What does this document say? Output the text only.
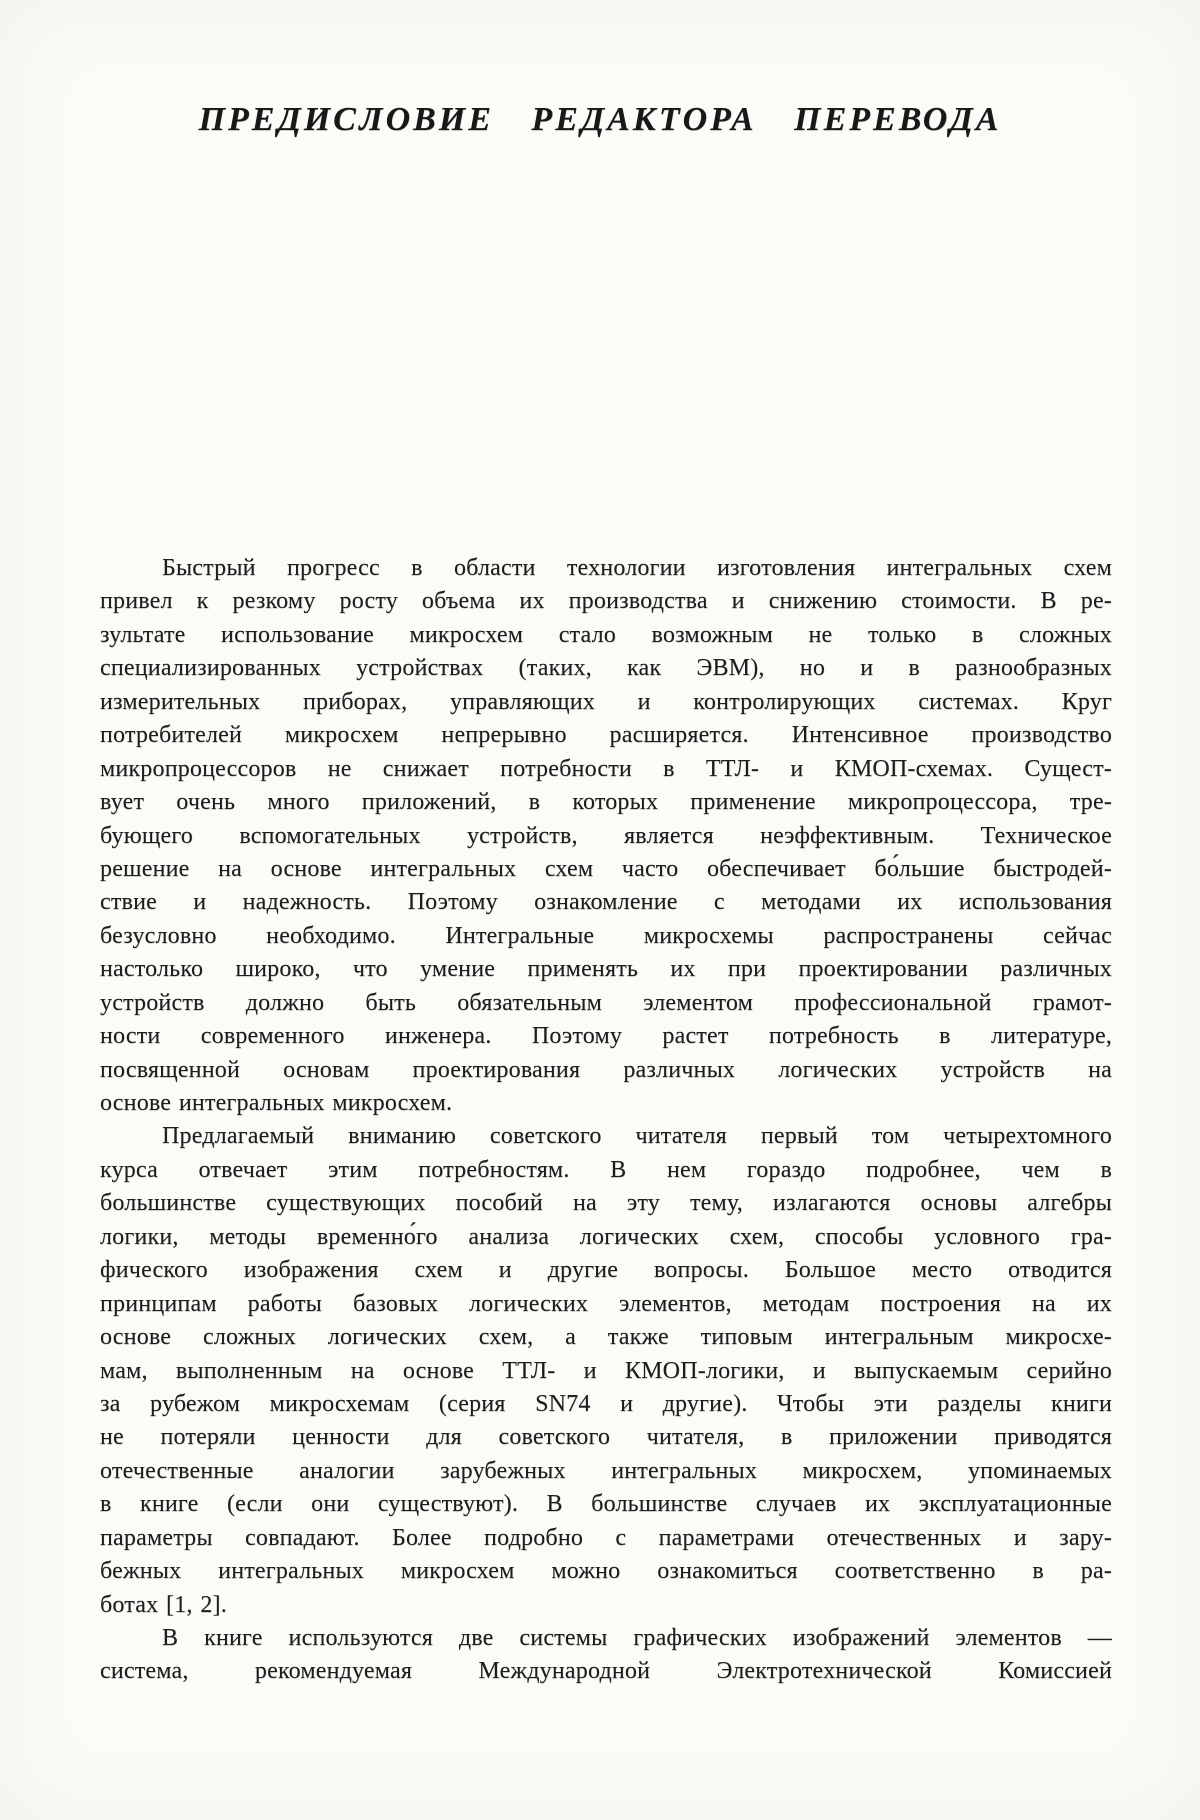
ПРЕДИСЛОВИЕ РЕДАКТОРА ПЕРЕВОДА
Быстрый прогресс в области технологии изготовления интегральных схем
привел к резкому росту объема их производства и снижению стоимости. В ре-
зультате использование микросхем стало возможным не только в сложных
специализированных устройствах (таких, как ЭВМ), но и в разнообразных
измерительных приборах, управляющих и контролирующих системах. Круг
потребителей микросхем непрерывно расширяется. Интенсивное производство
микропроцессоров не снижает потребности в ТТЛ- и КМОП-схемах. Сущест-
вует очень много приложений, в которых применение микропроцессора, тре-
бующего вспомогательных устройств, является неэффективным. Техническое
решение на основе интегральных схем часто обеспечивает бо́льшие быстродей-
ствие и надежность. Поэтому ознакомление с методами их использования
безусловно необходимо. Интегральные микросхемы распространены сейчас
настолько широко, что умение применять их при проектировании различных
устройств должно быть обязательным элементом профессиональной грамот-
ности современного инженера. Поэтому растет потребность в литературе,
посвященной основам проектирования различных логических устройств на
основе интегральных микросхем.
Предлагаемый вниманию советского читателя первый том четырехтомного
курса отвечает этим потребностям. В нем гораздо подробнее, чем в
большинстве существующих пособий на эту тему, излагаются основы алгебры
логики, методы временно́го анализа логических схем, способы условного гра-
фического изображения схем и другие вопросы. Большое место отводится
принципам работы базовых логических элементов, методам построения на их
основе сложных логических схем, а также типовым интегральным микросхе-
мам, выполненным на основе ТТЛ- и КМОП-логики, и выпускаемым серийно
за рубежом микросхемам (серия SN74 и другие). Чтобы эти разделы книги
не потеряли ценности для советского читателя, в приложении приводятся
отечественные аналогии зарубежных интегральных микросхем, упоминаемых
в книге (если они существуют). В большинстве случаев их эксплуатационные
параметры совпадают. Более подробно с параметрами отечественных и зару-
бежных интегральных микросхем можно ознакомиться соответственно в ра-
ботах [1, 2].
В книге используются две системы графических изображений элементов —
система, рекомендуемая Международной Электротехнической Комиссией
